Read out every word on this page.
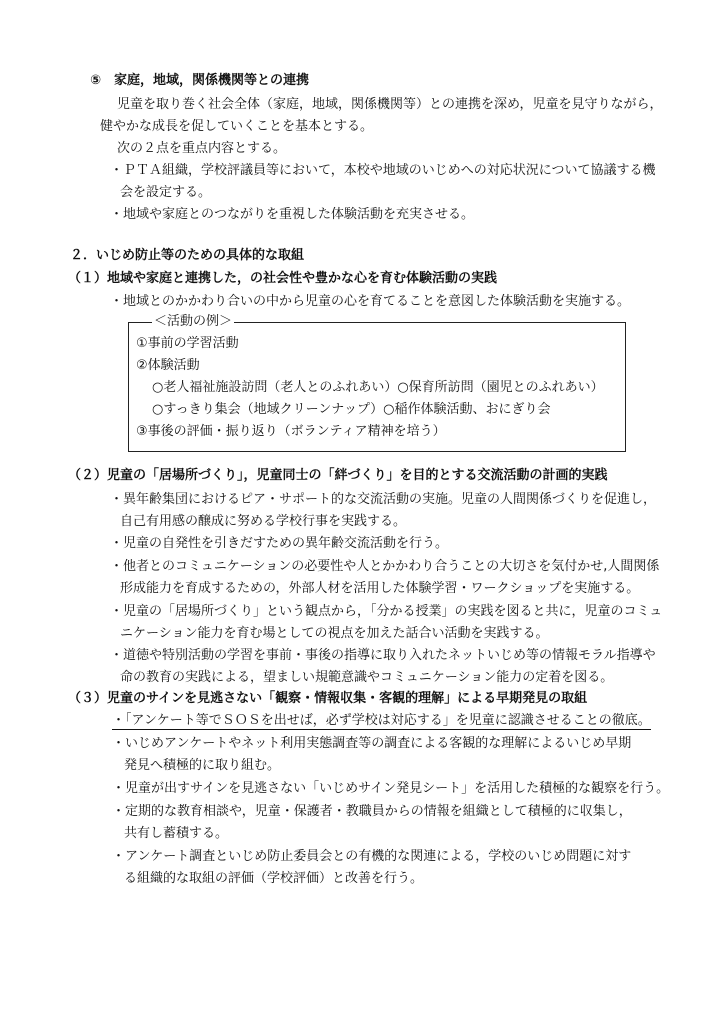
⑤　家庭，地域，関係機関等との連携
児童を取り巻く社会全体（家庭，地域，関係機関等）との連携を深め，児童を見守りながら，
健やかな成長を促していくことを基本とする。
次の２点を重点内容とする。
・ＰＴＡ組織，学校評議員等において，本校や地域のいじめへの対応状況について協議する機
会を設定する。
・地域や家庭とのつながりを重視した体験活動を充実させる。
２．いじめ防止等のための具体的な取組
（１）地域や家庭と連携した，の社会性や豊かな心を育む体験活動の実践
・地域とのかかわり合いの中から児童の心を育てることを意図した体験活動を実施する。
＜活動の例＞
①事前の学習活動
②体験活動
○老人福祉施設訪問（老人とのふれあい）○保育所訪問（園児とのふれあい）
○すっきり集会（地域クリーンナップ）○稲作体験活動、おにぎり会
③事後の評価・振り返り（ボランティア精神を培う）
（２）児童の「居場所づくり」，児童同士の「絆づくり」を目的とする交流活動の計画的実践
・異年齢集団におけるピア・サポート的な交流活動の実施。児童の人間関係づくりを促進し，
自己有用感の醸成に努める学校行事を実践する。
・児童の自発性を引きだすための異年齢交流活動を行う。
・他者とのコミュニケーションの必要性や人とかかわり合うことの大切さを気付かせ,人間関係
形成能力を育成するための，外部人材を活用した体験学習・ワークショップを実施する。
・児童の「居場所づくり」という観点から，「分かる授業」の実践を図ると共に，児童のコミュ
ニケーション能力を育む場としての視点を加えた話合い活動を実践する。
・道徳や特別活動の学習を事前・事後の指導に取り入れたネットいじめ等の情報モラル指導や
命の教育の実践による，望ましい規範意識やコミュニケーション能力の定着を図る。
（３）児童のサインを見逃さない「観察・情報収集・客観的理解」による早期発見の取組
・「アンケート等でＳＯＳを出せば，必ず学校は対応する」を児童に認識させることの徹底。
・いじめアンケートやネット利用実態調査等の調査による客観的な理解によるいじめ早期
発見へ積極的に取り組む。
・児童が出すサインを見逃さない「いじめサイン発見シート」を活用した積極的な観察を行う。
・定期的な教育相談や，児童・保護者・教職員からの情報を組織として積極的に収集し，
共有し蓄積する。
・アンケート調査といじめ防止委員会との有機的な関連による，学校のいじめ問題に対す
る組織的な取組の評価（学校評価）と改善を行う。
